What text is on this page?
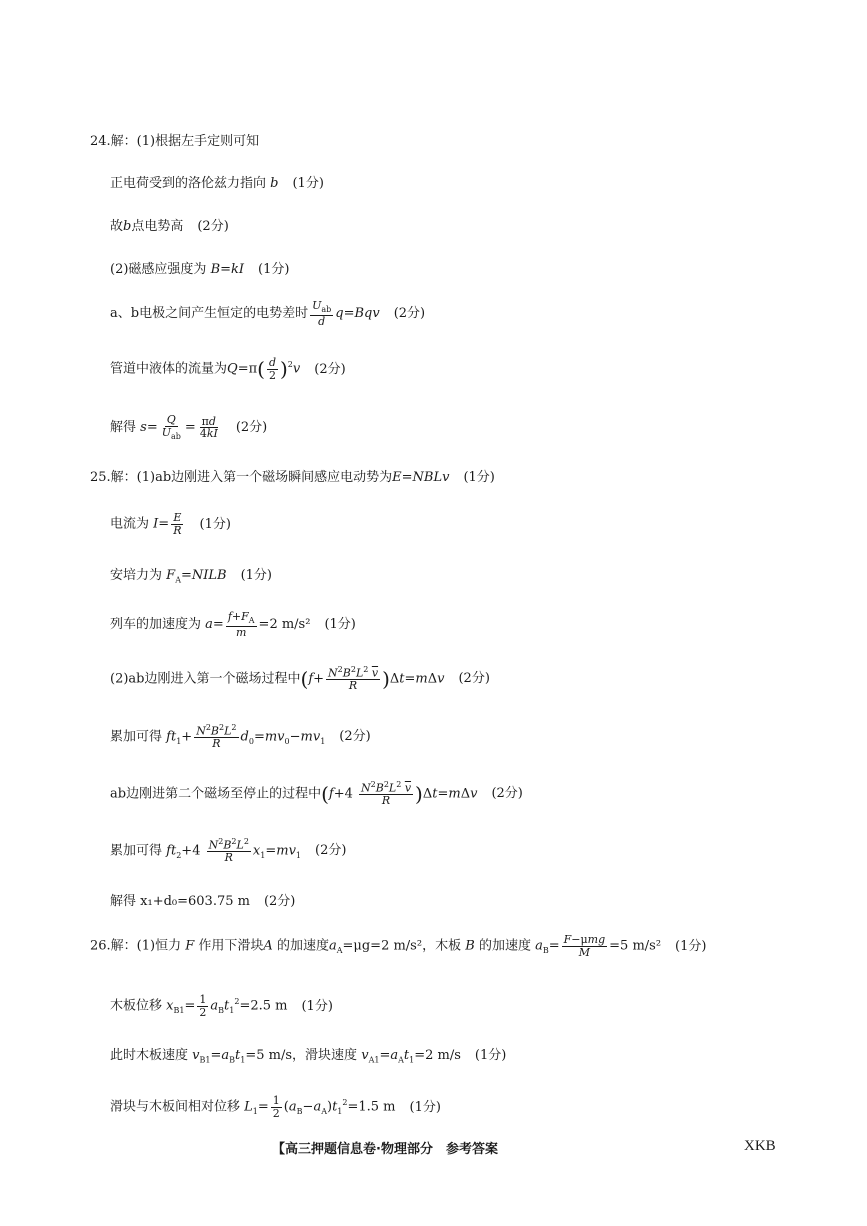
24.解：(1)根据左手定则可知
正电荷受到的洛伦兹力指向 b (1分)
故b点电势高 (2分)
(2)磁感应强度为 B=kI (1分)
a、b电极之间产生恒定的电势差时 $\frac{U_{ab}}{d} q=Bqv$ (2分)
管道中液体的流量为$Q=\pi( \frac{d}{2} )^2v$ (2分)
解得 $s= \frac{Q}{U_{ab}} = \frac{\pi d}{4kI} (2$分)
25.解：(1)ab边刚进入第一个磁场瞬间感应电动势为E=NBLv (1分)
电流为 $I= \frac{E}{R} (1$分)
安培力为 $F_A=NILB$ (1分)
列车的加速度为 $a= \frac{f+F_A}{m} =2$ m/s² (1分)
(2)ab边刚进入第一个磁场过程中$(f+ \frac{N^2B^2L^2 \overline{v}}{R} )\Delta t=m\Delta v$ (2分)
累加可得 $ft_1+ \frac{N^2B^2L^2}{R} d_0=mv_0-mv_1$ (2分)
ab边刚进第二个磁场至停止的过程中$(f+4 \frac{N^2B^2L^2 \overline{v}}{R} )\Delta t=m\Delta v$ (2分)
累加可得 $ft_2+4 \frac{N^2B^2L^2}{R} x_1=mv_1$ (2分)
解得 x₁+d₀=603.75 m (2分)
26.解：(1)恒力 F 作用下滑块A 的加速度$a_A=\mu g=2$ m/s²，木板 B 的加速度 $a_B= \frac{\text{F−μmg}}{M} =5$ m/s² (1分)
木板位移 $x_{B1}= \frac{1}{2} a_Bt_1^2=2.5$ m (1分)
此时木板速度 $v_{B1}=a_Bt_1=5$ m/s，滑块速度 $v_{A1}=a_At_1=2$ m/s (1分)
滑块与木板间相对位移 $L_1= \frac{1}{2} (a_B-a_A)t_1^2=1.5$ m (1分)
【高三押题信息卷·物理部分　参考答案	XKB
